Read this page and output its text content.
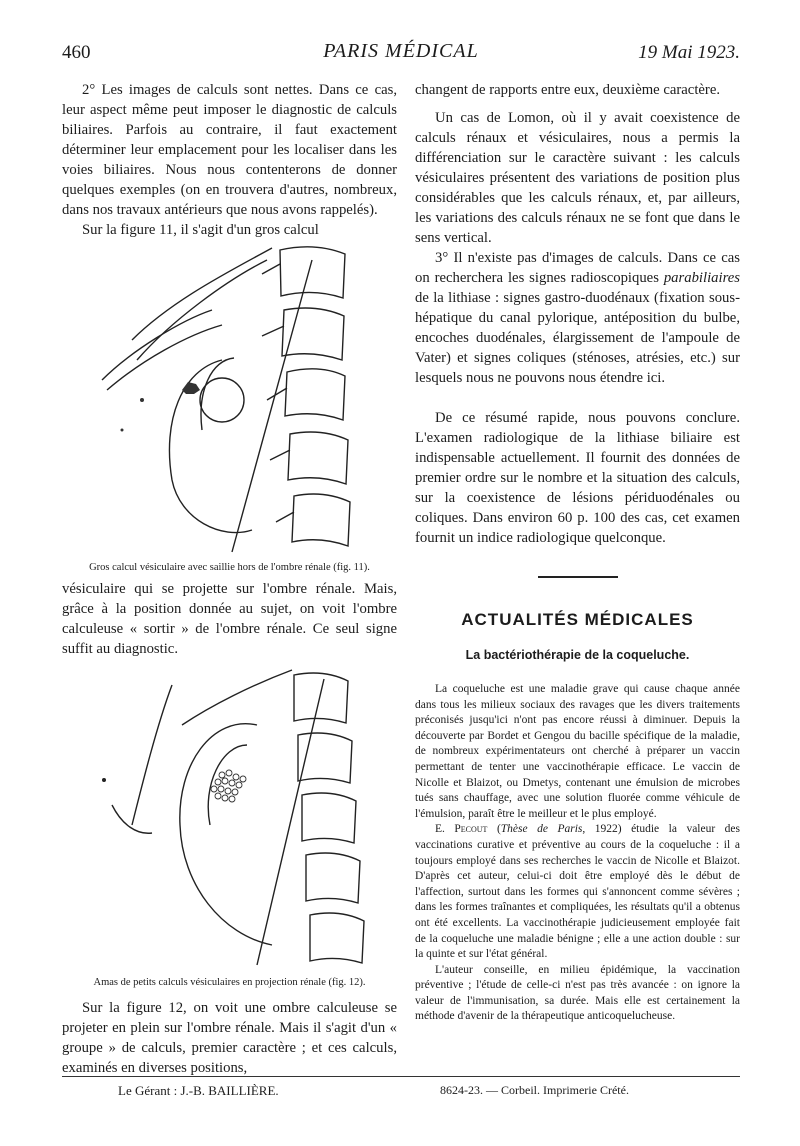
460	PARIS MÉDICAL	19 Mai 1923.

2° Les images de calculs sont nettes. Dans ce cas, leur aspect même peut imposer le diagnostic de calculs biliaires. Parfois au contraire, il faut exactement déterminer leur emplacement pour les localiser dans les voies biliaires. Nous nous contenterons de donner quelques exemples (on en trouvera d'autres, nombreux, dans nos travaux antérieurs que nous avons rappelés).

Sur la figure 11, il s'agit d'un gros calcul

Gros calcul vésiculaire avec saillie hors de l'ombre rénale (fig. 11).

vésiculaire qui se projette sur l'ombre rénale. Mais, grâce à la position donnée au sujet, on voit l'ombre calculeuse « sortir » de l'ombre rénale. Ce seul signe suffit au diagnostic.

Amas de petits calculs vésiculaires en projection rénale (fig. 12).

Sur la figure 12, on voit une ombre calculeuse se projeter en plein sur l'ombre rénale. Mais il s'agit d'un « groupe » de calculs, premier caractère ; et ces calculs, examinés en diverses positions,

changent de rapports entre eux, deuxième caractère.

Un cas de Lomon, où il y avait coexistence de calculs rénaux et vésiculaires, nous a permis la différenciation sur le caractère suivant : les calculs vésiculaires présentent des variations de position plus considérables que les calculs rénaux, et, par ailleurs, les variations des calculs rénaux ne se font que dans le sens vertical.

3° Il n'existe pas d'images de calculs. Dans ce cas on recherchera les signes radioscopiques parabiliaires de la lithiase : signes gastro-duodénaux (fixation sous-hépatique du canal pylorique, antéposition du bulbe, encoches duodénales, élargissement de l'ampoule de Vater) et signes coliques (sténoses, atrésies, etc.) sur lesquels nous ne pouvons nous étendre ici.

De ce résumé rapide, nous pouvons conclure. L'examen radiologique de la lithiase biliaire est indispensable actuellement. Il fournit des données de premier ordre sur le nombre et la situation des calculs, sur la coexistence de lésions périduodénales ou coliques. Dans environ 60 p. 100 des cas, cet examen fournit un indice radiologique quelconque.

ACTUALITÉS MÉDICALES
La bactériothérapie de la coqueluche.

La coqueluche est une maladie grave qui cause chaque année dans tous les milieux sociaux des ravages que les divers traitements préconisés jusqu'ici n'ont pas encore réussi à diminuer. Depuis la découverte par Bordet et Gengou du bacille spécifique de la maladie, de nombreux expérimentateurs ont cherché à préparer un vaccin permettant de tenter une vaccinothérapie efficace. Le vaccin de Nicolle et Blaizot, ou Dmetys, contenant une émulsion de microbes tués sans chauffage, avec une solution fluorée comme véhicule de l'émulsion, paraît être le meilleur et le plus employé.

E. Pecout (Thèse de Paris, 1922) étudie la valeur des vaccinations curative et préventive au cours de la coqueluche : il a toujours employé dans ses recherches le vaccin de Nicolle et Blaizot. D'après cet auteur, celui-ci doit être employé dès le début de l'affection, surtout dans les formes qui s'annoncent comme sévères ; dans les formes traînantes et compliquées, les résultats qu'il a obtenus ont été excellents. La vaccinothérapie judicieusement employée fait de la coqueluche une maladie bénigne ; elle a une action double : sur la quinte et sur l'état général.

L'auteur conseille, en milieu épidémique, la vaccination préventive ; l'étude de celle-ci n'est pas très avancée : on ignore la valeur de l'immunisation, sa durée. Mais elle est certainement la méthode d'avenir de la thérapeutique anticoquelucheuse.

Le Gérant : J.-B. BAILLIÈRE.	8624-23. — Corbeil. Imprimerie Crété.
